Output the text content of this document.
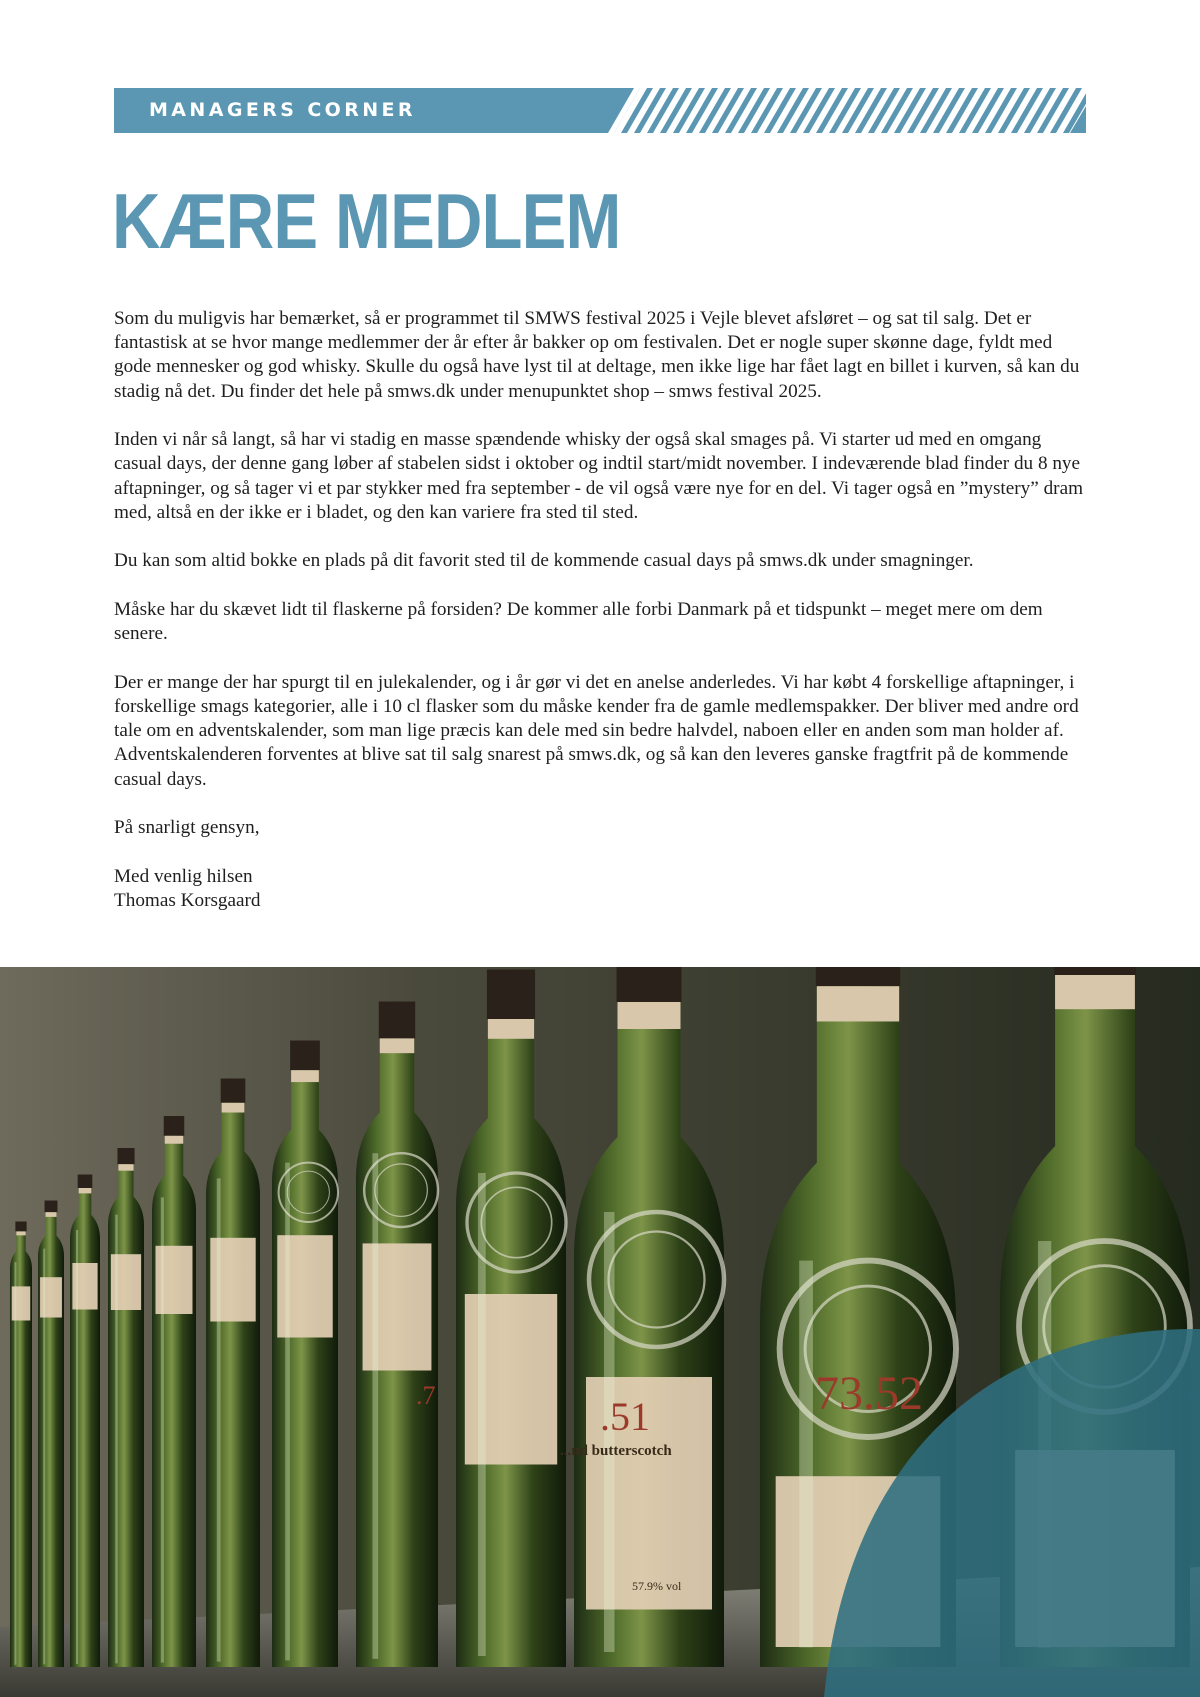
MANAGERS CORNER
KÆRE MEDLEM

Som du muligvis har bemærket, så er programmet til SMWS festival 2025 i Vejle blevet afsløret – og sat til salg. Det er fantastisk at se hvor mange medlemmer der år efter år bakker op om festivalen. Det er nogle super skønne dage, fyldt med gode mennesker og god whisky. Skulle du også have lyst til at deltage, men ikke lige har fået lagt en billet i kurven, så kan du stadig nå det. Du finder det hele på smws.dk under menupunktet shop – smws festival 2025.

Inden vi når så langt, så har vi stadig en masse spændende whisky der også skal smages på. Vi starter ud med en omgang casual days, der denne gang løber af stabelen sidst i oktober og indtil start/midt november. I indeværende blad finder du 8 nye aftapninger, og så tager vi et par stykker med fra september - de vil også være nye for en del. Vi tager også en ”mystery” dram med, altså en der ikke er i bladet, og den kan variere fra sted til sted.

Du kan som altid bokke en plads på dit favorit sted til de kommende casual days på smws.dk under smagninger.

Måske har du skævet lidt til flaskerne på forsiden? De kommer alle forbi Danmark på et tidspunkt – meget mere om dem senere.

Der er mange der har spurgt til en julekalender, og i år gør vi det en anelse anderledes. Vi har købt 4 forskellige aftapninger, i forskellige smags kategorier, alle i 10 cl flasker som du måske kender fra de gamle medlemspakker. Der bliver med andre ord tale om en adventskalender, som man lige præcis kan dele med sin bedre halvdel, naboen eller en anden som man holder af. Adventskalenderen forventes at blive sat til salg snarest på smws.dk, og så kan den leveres ganske fragtfrit på de kommende casual days.

På snarligt gensyn,

Med venlig hilsen
Thomas Korsgaard

73.52
.51
...nd butterscotch
.7
57.9% vol
